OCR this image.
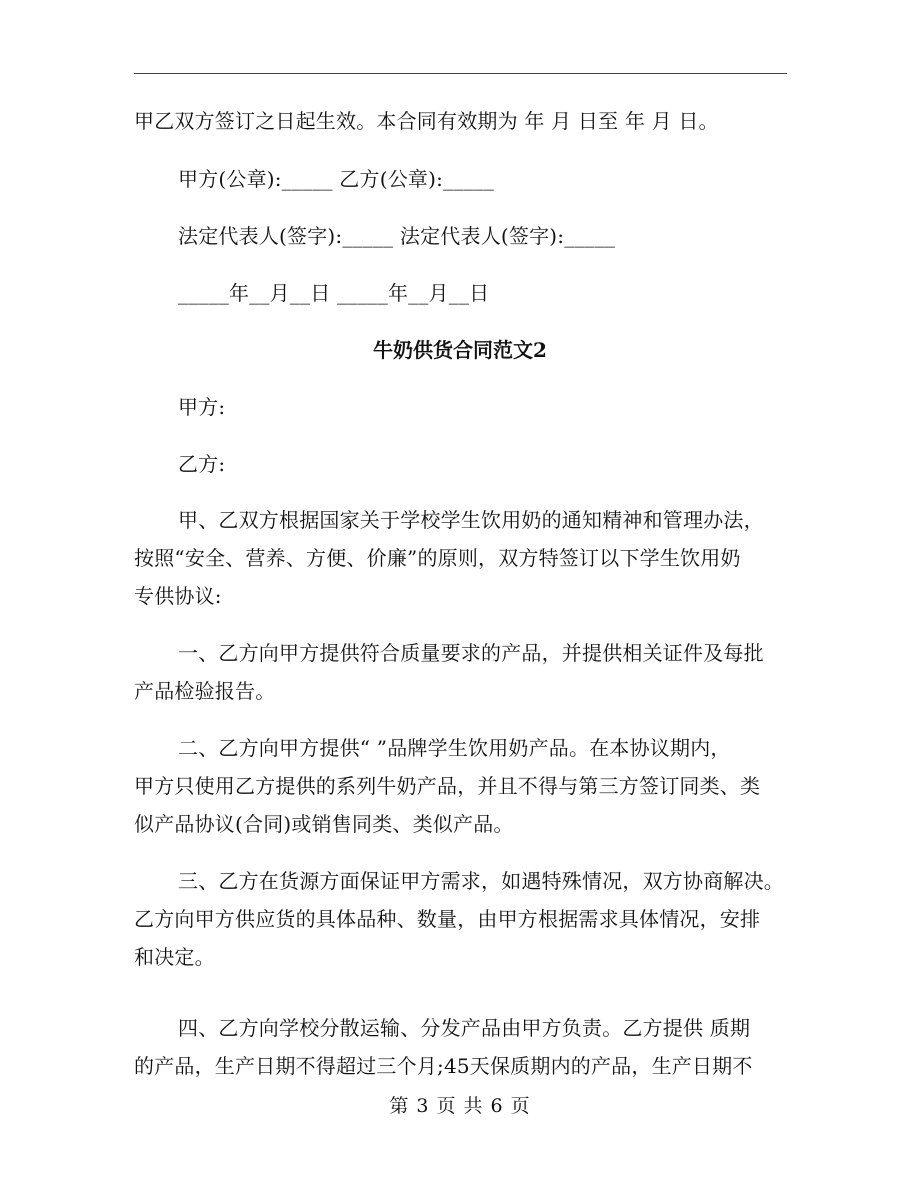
甲乙双方签订之日起生效。本合同有效期为 年 月 日至 年 月 日。
甲方(公章):_____ 乙方(公章):_____
法定代表人(签字):_____ 法定代表人(签字):_____
_____年__月__日 _____年__月__日
牛奶供货合同范文2
甲方:
乙方:
甲、乙双方根据国家关于学校学生饮用奶的通知精神和管理办法，
按照“安全、营养、方便、价廉”的原则，双方特签订以下学生饮用奶
专供协议:
一、乙方向甲方提供符合质量要求的产品，并提供相关证件及每批
产品检验报告。
二、乙方向甲方提供“ ”品牌学生饮用奶产品。在本协议期内，
甲方只使用乙方提供的系列牛奶产品，并且不得与第三方签订同类、类
似产品协议(合同)或销售同类、类似产品。
三、乙方在货源方面保证甲方需求，如遇特殊情况，双方协商解决。
乙方向甲方供应货的具体品种、数量，由甲方根据需求具体情况，安排
和决定。
四、乙方向学校分散运输、分发产品由甲方负责。乙方提供 质期
的产品，生产日期不得超过三个月;45天保质期内的产品，生产日期不
第 3 页 共 6 页
